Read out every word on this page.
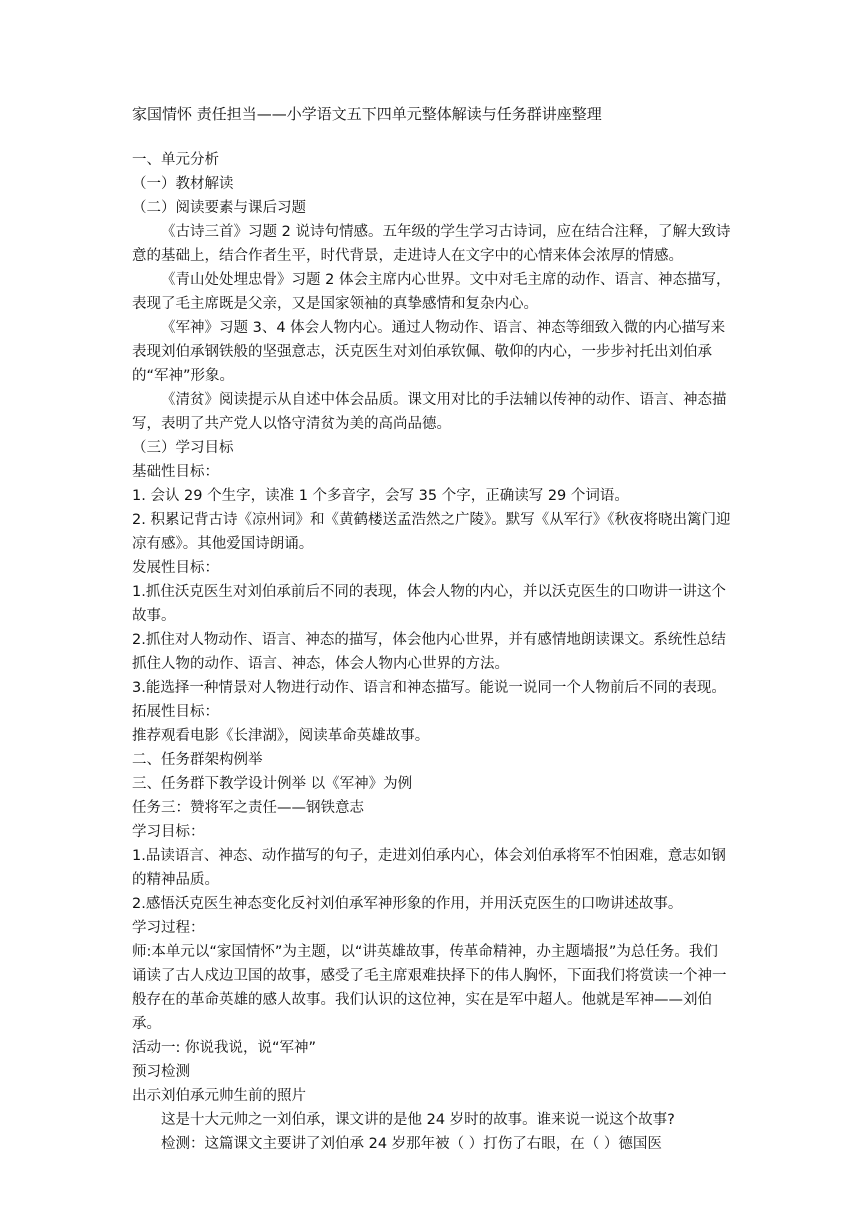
家国情怀 责任担当——小学语文五下四单元整体解读与任务群讲座整理

一、单元分析

（一）教材解读

（二）阅读要素与课后习题

《古诗三首》习题 2 说诗句情感。五年级的学生学习古诗词，应在结合注释，了解大致诗意的基础上，结合作者生平，时代背景，走进诗人在文字中的心情来体会浓厚的情感。

《青山处处埋忠骨》习题 2 体会主席内心世界。文中对毛主席的动作、语言、神态描写，表现了毛主席既是父亲，又是国家领袖的真挚感情和复杂内心。

《军神》习题 3、4 体会人物内心。通过人物动作、语言、神态等细致入微的内心描写来表现刘伯承钢铁般的坚强意志，沃克医生对刘伯承钦佩、敬仰的内心，一步步衬托出刘伯承的“军神”形象。

《清贫》阅读提示从自述中体会品质。课文用对比的手法辅以传神的动作、语言、神态描写，表明了共产党人以恪守清贫为美的高尚品德。

（三）学习目标

基础性目标：

1. 会认 29 个生字，读准 1 个多音字，会写 35 个字，正确读写 29 个词语。

2. 积累记背古诗《凉州词》和《黄鹤楼送孟浩然之广陵》。默写《从军行》《秋夜将晓出篱门迎凉有感》。其他爱国诗朗诵。

发展性目标：

1.抓住沃克医生对刘伯承前后不同的表现，体会人物的内心，并以沃克医生的口吻讲一讲这个故事。

2.抓住对人物动作、语言、神态的描写，体会他内心世界，并有感情地朗读课文。系统性总结抓住人物的动作、语言、神态，体会人物内心世界的方法。

3.能选择一种情景对人物进行动作、语言和神态描写。能说一说同一个人物前后不同的表现。

拓展性目标：

推荐观看电影《长津湖》，阅读革命英雄故事。

二、任务群架构例举

三、任务群下教学设计例举 以《军神》为例

任务三：赞将军之责任——钢铁意志

学习目标：

1.品读语言、神态、动作描写的句子，走进刘伯承内心，体会刘伯承将军不怕困难，意志如钢的精神品质。

2.感悟沃克医生神态变化反衬刘伯承军神形象的作用，并用沃克医生的口吻讲述故事。

学习过程：

师:本单元以“家国情怀”为主题，以“讲英雄故事，传革命精神，办主题墙报”为总任务。我们诵读了古人戍边卫国的故事，感受了毛主席艰难抉择下的伟人胸怀，下面我们将赏读一个神一般存在的革命英雄的感人故事。我们认识的这位神，实在是军中超人。他就是军神——刘伯承。

活动一: 你说我说，说“军神”

预习检测

出示刘伯承元帅生前的照片

这是十大元帅之一刘伯承，课文讲的是他 24 岁时的故事。谁来说一说这个故事?

检测：这篇课文主要讲了刘伯承 24 岁那年被（ ）打伤了右眼，在（ ）德国医
